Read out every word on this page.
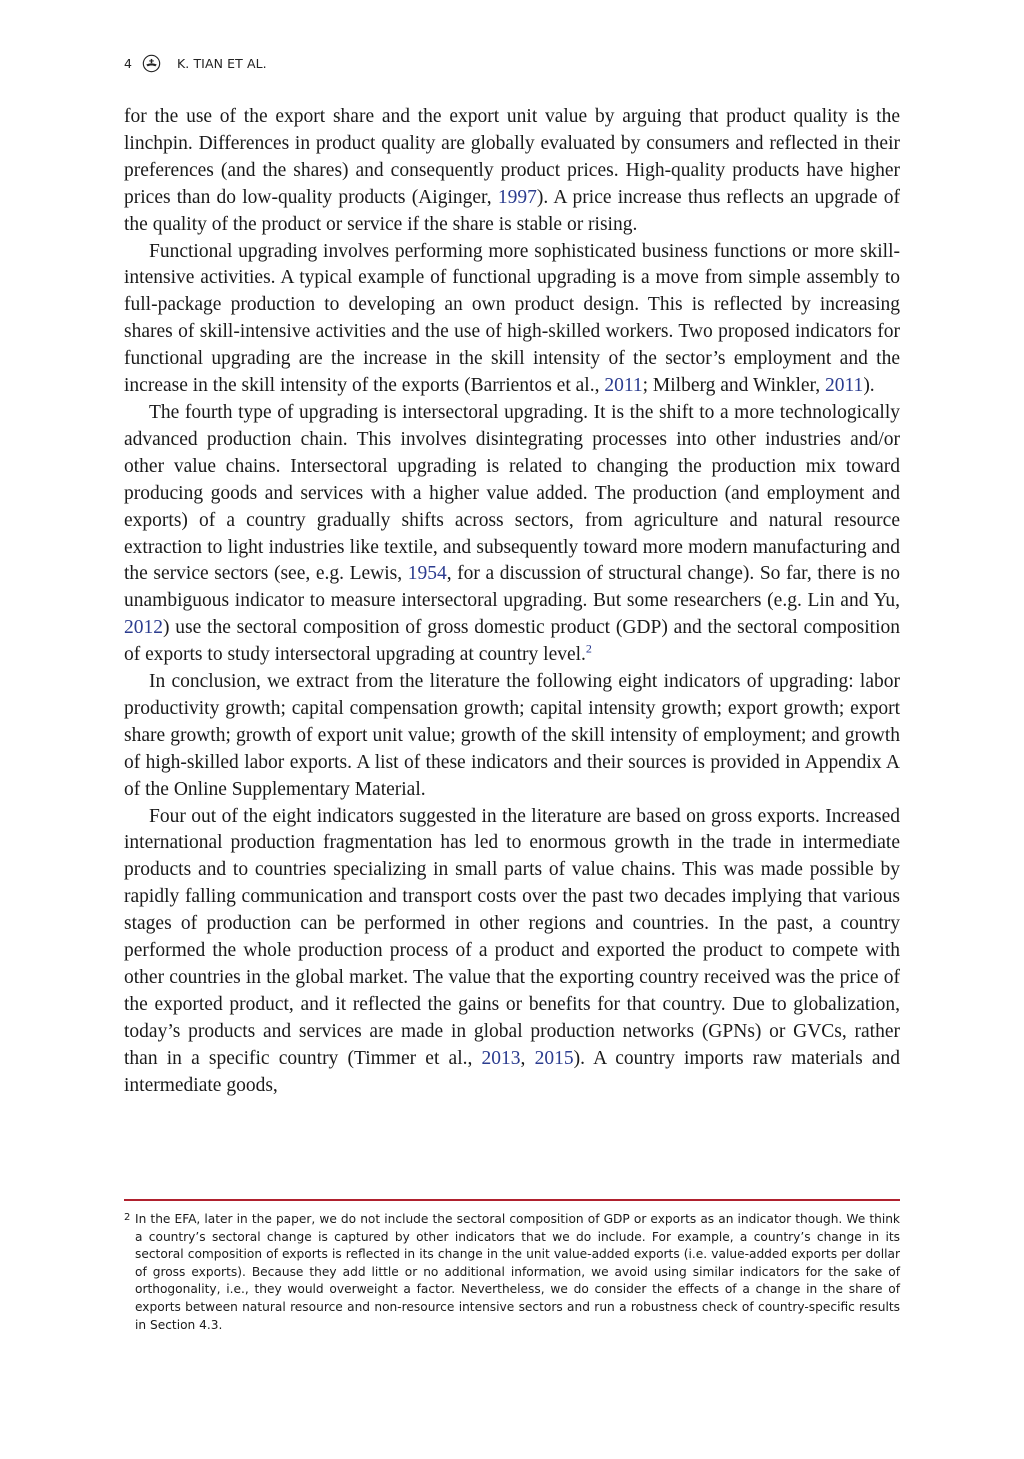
4	K. TIAN ET AL.

for the use of the export share and the export unit value by arguing that product quality is the linchpin. Differences in product quality are globally evaluated by consumers and reflected in their preferences (and the shares) and consequently product prices. High-quality products have higher prices than do low-quality products (Aiginger, 1997). A price increase thus reflects an upgrade of the quality of the product or service if the share is stable or rising.

Functional upgrading involves performing more sophisticated business functions or more skill-intensive activities. A typical example of functional upgrading is a move from simple assembly to full-package production to developing an own product design. This is reflected by increasing shares of skill-intensive activities and the use of high-skilled workers. Two proposed indicators for functional upgrading are the increase in the skill intensity of the sector’s employment and the increase in the skill intensity of the exports (Barrientos et al., 2011; Milberg and Winkler, 2011).

The fourth type of upgrading is intersectoral upgrading. It is the shift to a more technologically advanced production chain. This involves disintegrating processes into other industries and/or other value chains. Intersectoral upgrading is related to changing the production mix toward producing goods and services with a higher value added. The production (and employment and exports) of a country gradually shifts across sectors, from agriculture and natural resource extraction to light industries like textile, and subsequently toward more modern manufacturing and the service sectors (see, e.g. Lewis, 1954, for a discussion of structural change). So far, there is no unambiguous indicator to measure intersectoral upgrading. But some researchers (e.g. Lin and Yu, 2012) use the sectoral composition of gross domestic product (GDP) and the sectoral composition of exports to study intersectoral upgrading at country level.$^2$

In conclusion, we extract from the literature the following eight indicators of upgrading: labor productivity growth; capital compensation growth; capital intensity growth; export growth; export share growth; growth of export unit value; growth of the skill intensity of employment; and growth of high-skilled labor exports. A list of these indicators and their sources is provided in Appendix A of the Online Supplementary Material.

Four out of the eight indicators suggested in the literature are based on gross exports. Increased international production fragmentation has led to enormous growth in the trade in intermediate products and to countries specializing in small parts of value chains. This was made possible by rapidly falling communication and transport costs over the past two decades implying that various stages of production can be performed in other regions and countries. In the past, a country performed the whole production process of a product and exported the product to compete with other countries in the global market. The value that the exporting country received was the price of the exported product, and it reflected the gains or benefits for that country. Due to globalization, today’s products and services are made in global production networks (GPNs) or GVCs, rather than in a specific country (Timmer et al., 2013, 2015). A country imports raw materials and intermediate goods,

2 In the EFA, later in the paper, we do not include the sectoral composition of GDP or exports as an indicator though. We think a country’s sectoral change is captured by other indicators that we do include. For example, a country’s change in its sectoral composition of exports is reflected in its change in the unit value-added exports (i.e. value-added exports per dollar of gross exports). Because they add little or no additional information, we avoid using similar indicators for the sake of orthogonality, i.e., they would overweight a factor. Nevertheless, we do consider the effects of a change in the share of exports between natural resource and non-resource intensive sectors and run a robustness check of country-specific results in Section 4.3.
